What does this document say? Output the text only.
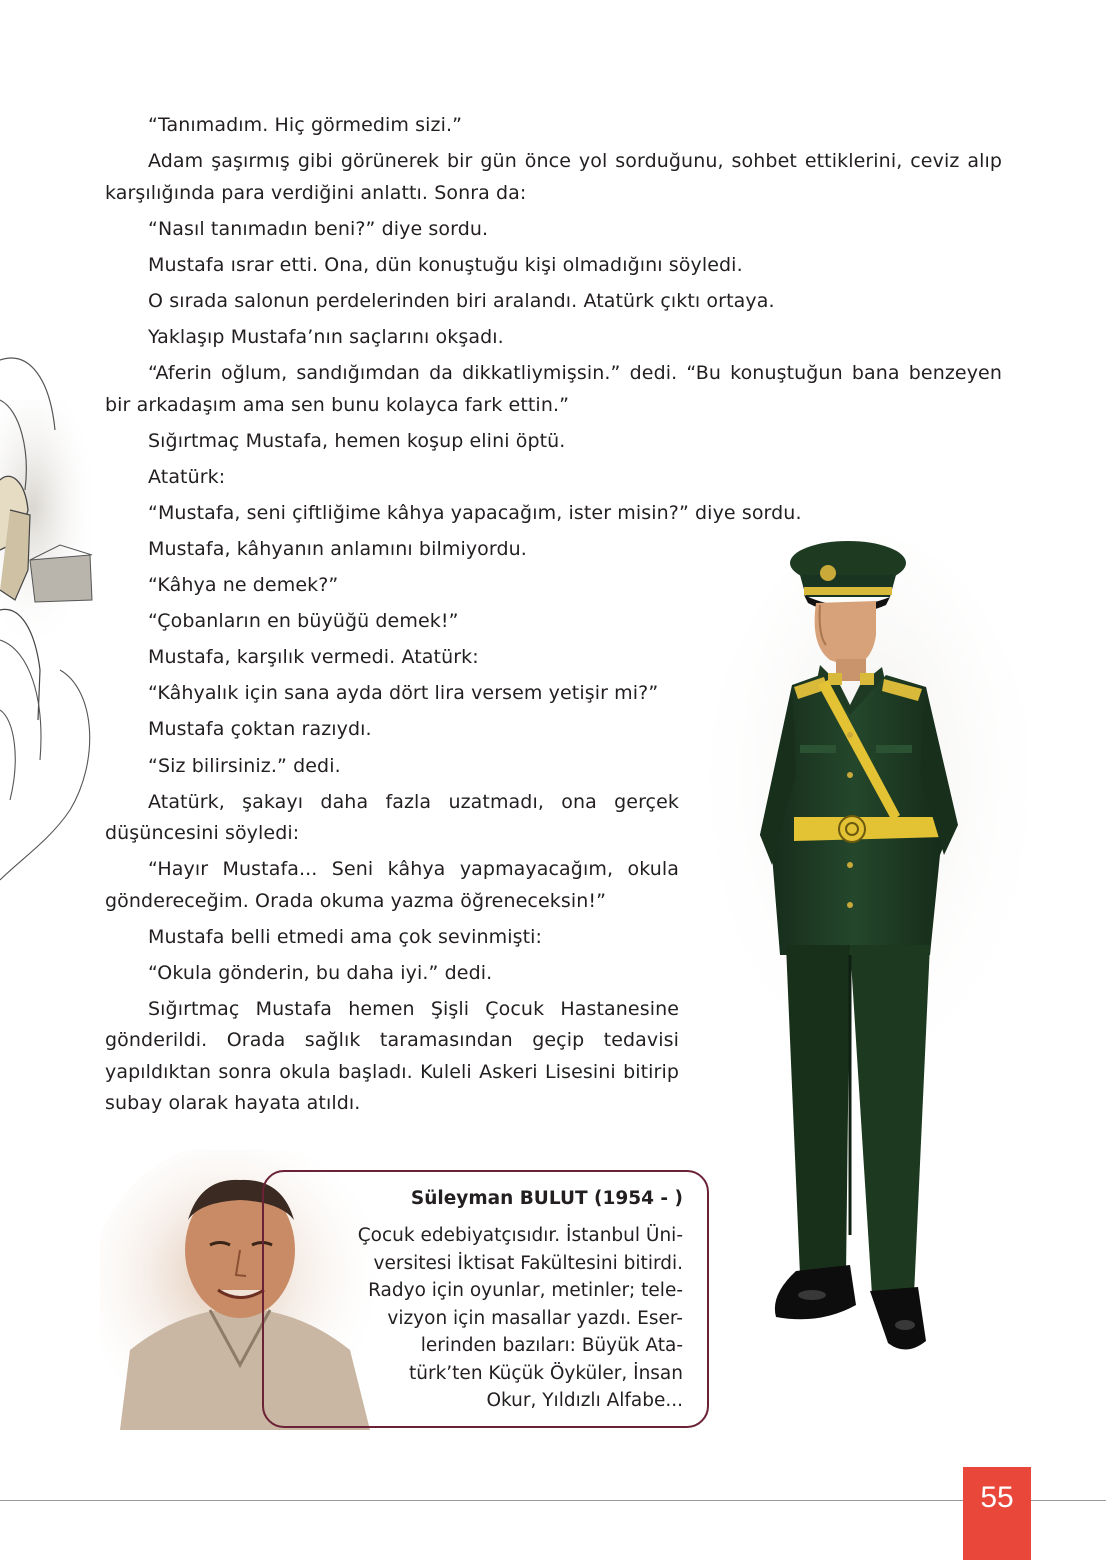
“Tanımadım. Hiç görmedim sizi.”

Adam şaşırmış gibi görünerek bir gün önce yol sorduğunu, sohbet ettiklerini, ceviz alıp karşılığında para verdiğini anlattı. Sonra da:

“Nasıl tanımadın beni?” diye sordu.

Mustafa ısrar etti. Ona, dün konuştuğu kişi olmadığını söyledi.

O sırada salonun perdelerinden biri aralandı. Atatürk çıktı ortaya.

Yaklaşıp Mustafa’nın saçlarını okşadı.

“Aferin oğlum, sandığımdan da dikkatliymişsin.” dedi. “Bu konuştuğun bana benzeyen bir arkadaşım ama sen bunu kolayca fark ettin.”

Sığırtmaç Mustafa, hemen koşup elini öptü.

Atatürk:

“Mustafa, seni çiftliğime kâhya yapacağım, ister misin?” diye sordu.

Mustafa, kâhyanın anlamını bilmiyordu.

“Kâhya ne demek?”

“Çobanların en büyüğü demek!”

Mustafa, karşılık vermedi. Atatürk:

“Kâhyalık için sana ayda dört lira versem yetişir mi?”

Mustafa çoktan razıydı.

“Siz bilirsiniz.” dedi.

Atatürk, şakayı daha fazla uzatmadı, ona gerçek düşüncesini söyledi:

“Hayır Mustafa... Seni kâhya yapmayacağım, okula göndereceğim. Orada okuma yazma öğreneceksin!”

Mustafa belli etmedi ama çok sevinmişti:

“Okula gönderin, bu daha iyi.” dedi.

Sığırtmaç Mustafa hemen Şişli Çocuk Hastanesine gönderildi. Orada sağlık taramasından geçip tedavisi yapıldıktan sonra okula başladı. Kuleli Askeri Lisesini bitirip subay olarak hayata atıldı.

Süleyman BULUT (1954 - )
Çocuk edebiyatçısıdır. İstanbul Üni-
versitesi İktisat Fakültesini bitirdi.
Radyo için oyunlar, metinler; tele-
vizyon için masallar yazdı. Eser-
lerinden bazıları: Büyük Ata-
türk’ten Küçük Öyküler, İnsan
Okur, Yıldızlı Alfabe...
55
